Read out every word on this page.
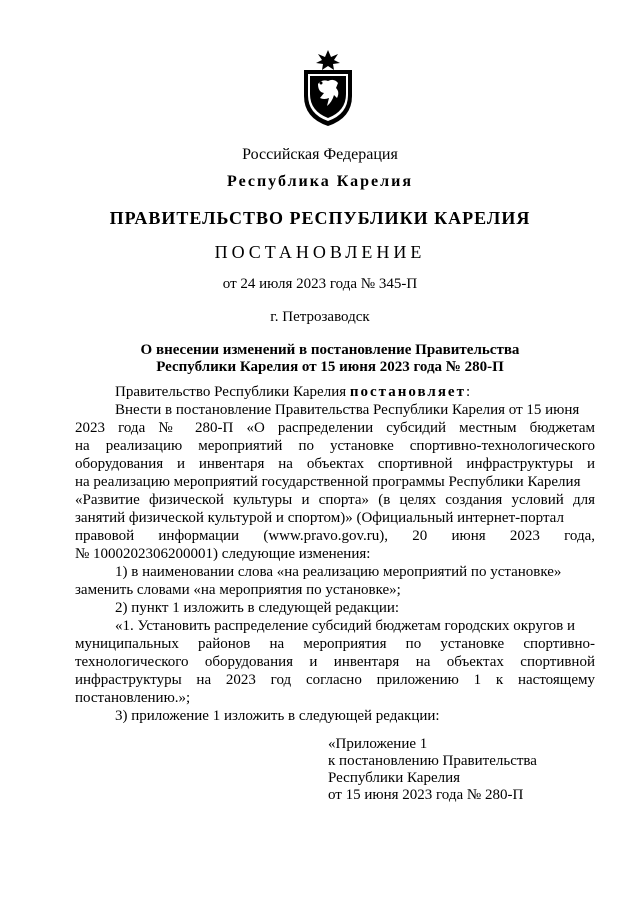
Российская Федерация
Республика Карелия
ПРАВИТЕЛЬСТВО РЕСПУБЛИКИ КАРЕЛИЯ
ПОСТАНОВЛЕНИЕ
от 24 июля 2023 года № 345-П
г. Петрозаводск
О внесении изменений в постановление Правительства
Республики Карелия от 15 июня 2023 года № 280-П
Правительство Республики Карелия постановляет:
Внести в постановление Правительства Республики Карелия от 15 июня
2023 года № 280-П «О распределении субсидий местным бюджетам
на реализацию мероприятий по установке спортивно-технологического
оборудования и инвентаря на объектах спортивной инфраструктуры и
на реализацию мероприятий государственной программы Республики Карелия
«Развитие физической культуры и спорта» (в целях создания условий для
занятий физической культурой и спортом)» (Официальный интернет-портал
правовой информации (www.pravo.gov.ru), 20 июня 2023 года,
№ 1000202306200001) следующие изменения:
1) в наименовании слова «на реализацию мероприятий по установке»
заменить словами «на мероприятия по установке»;
2) пункт 1 изложить в следующей редакции:
«1. Установить распределение субсидий бюджетам городских округов и
муниципальных районов на мероприятия по установке спортивно-
технологического оборудования и инвентаря на объектах спортивной
инфраструктуры на 2023 год согласно приложению 1 к настоящему
постановлению.»;
3) приложение 1 изложить в следующей редакции:
«Приложение 1
к постановлению Правительства
Республики Карелия
от 15 июня 2023 года № 280-П
